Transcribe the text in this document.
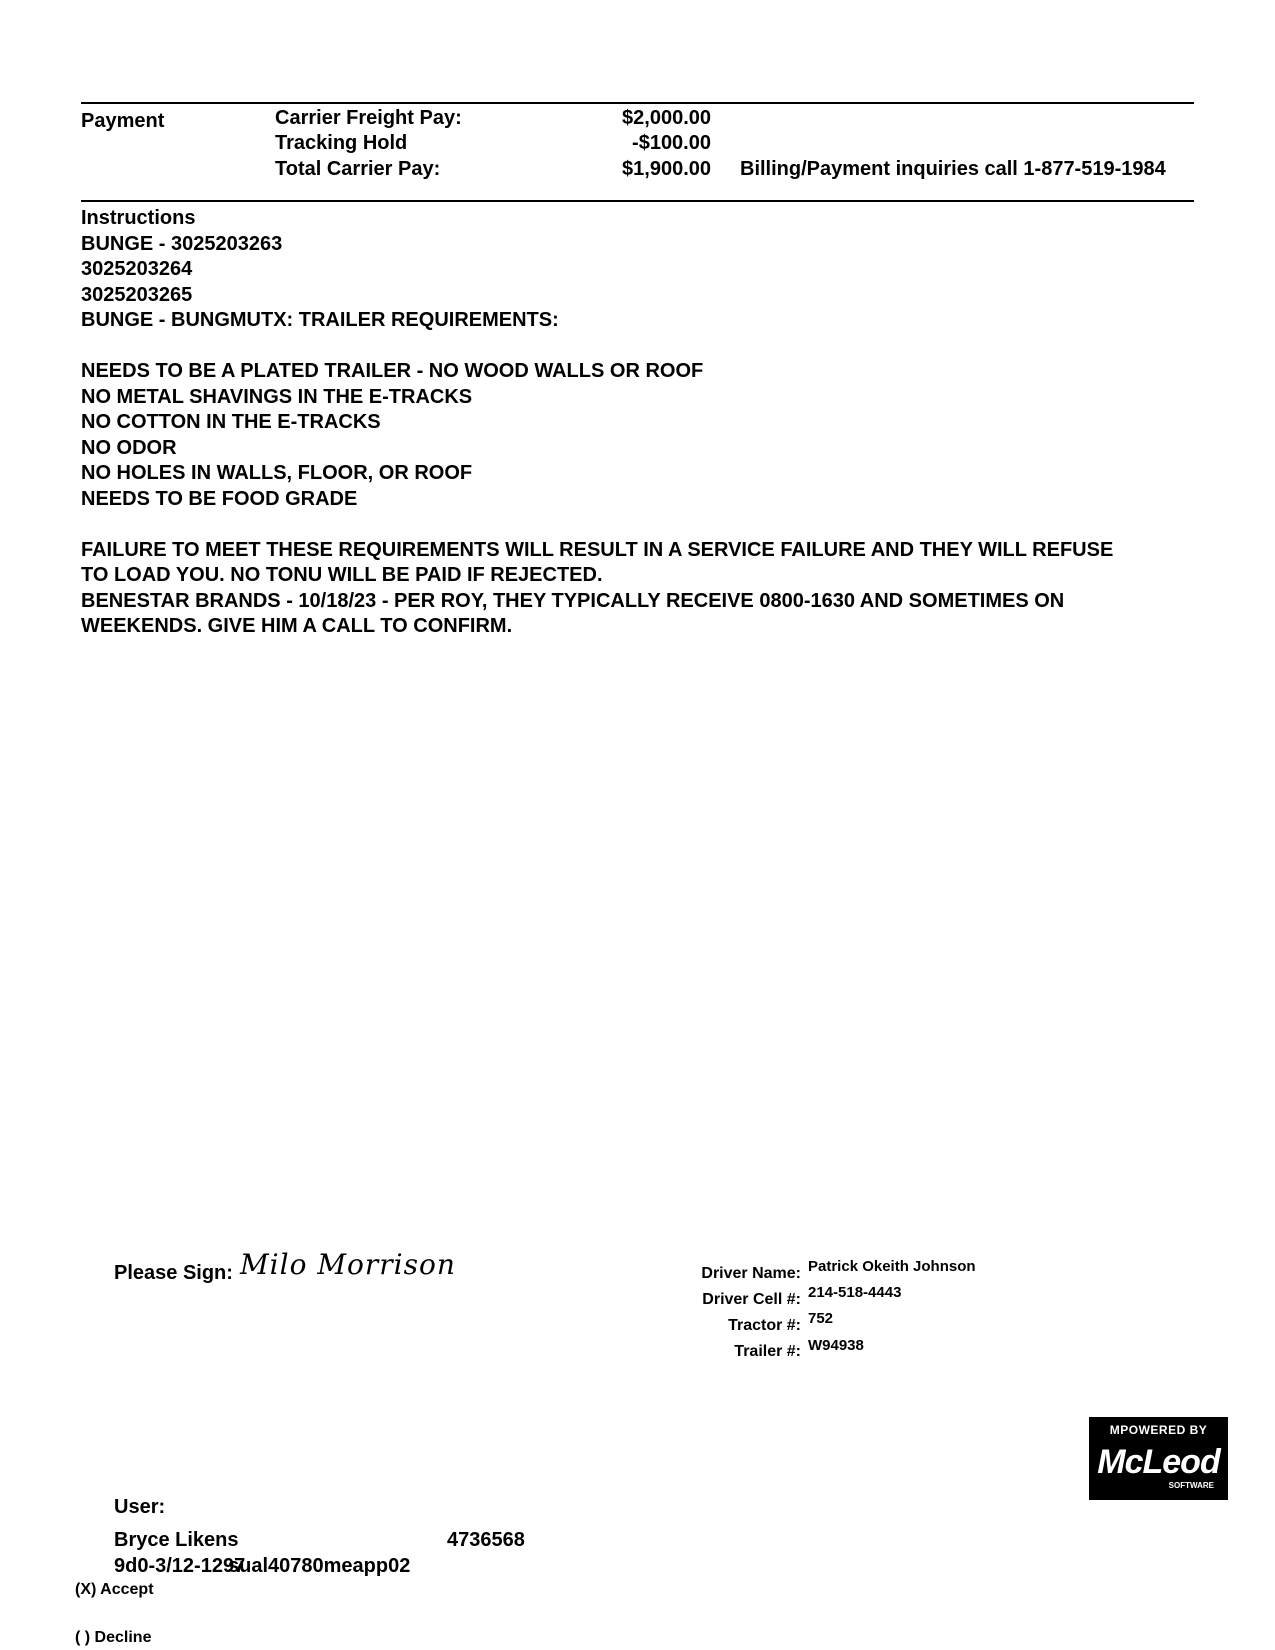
Payment	Carrier Freight Pay:	$2,000.00
Tracking Hold	-$100.00
Total Carrier Pay:	$1,900.00 Billing/Payment inquiries call 1-877-519-1984
Instructions
BUNGE - 3025203263
3025203264
3025203265
BUNGE - BUNGMUTX: TRAILER REQUIREMENTS:
NEEDS TO BE A PLATED TRAILER - NO WOOD WALLS OR ROOF
NO METAL SHAVINGS IN THE E-TRACKS
NO COTTON IN THE E-TRACKS
NO ODOR
NO HOLES IN WALLS, FLOOR, OR ROOF
NEEDS TO BE FOOD GRADE
FAILURE TO MEET THESE REQUIREMENTS WILL RESULT IN A SERVICE FAILURE AND THEY WILL REFUSE
TO LOAD YOU. NO TONU WILL BE PAID IF REJECTED.
BENESTAR BRANDS - 10/18/23 - PER ROY, THEY TYPICALLY RECEIVE 0800-1630 AND SOMETIMES ON
WEEKENDS. GIVE HIM A CALL TO CONFIRM.
Please Sign: Milo Morrison	Driver Name: Patrick Okeith Johnson
Driver Cell #: 214-518-4443
Tractor #: 752
Trailer #: W94938
MPOWERED BY
McLeod
SOFTWARE
User:
Bryce Likens	4736568
9d0-3/12-1297
sual40780meapp02
(X) Accept
( ) Decline
